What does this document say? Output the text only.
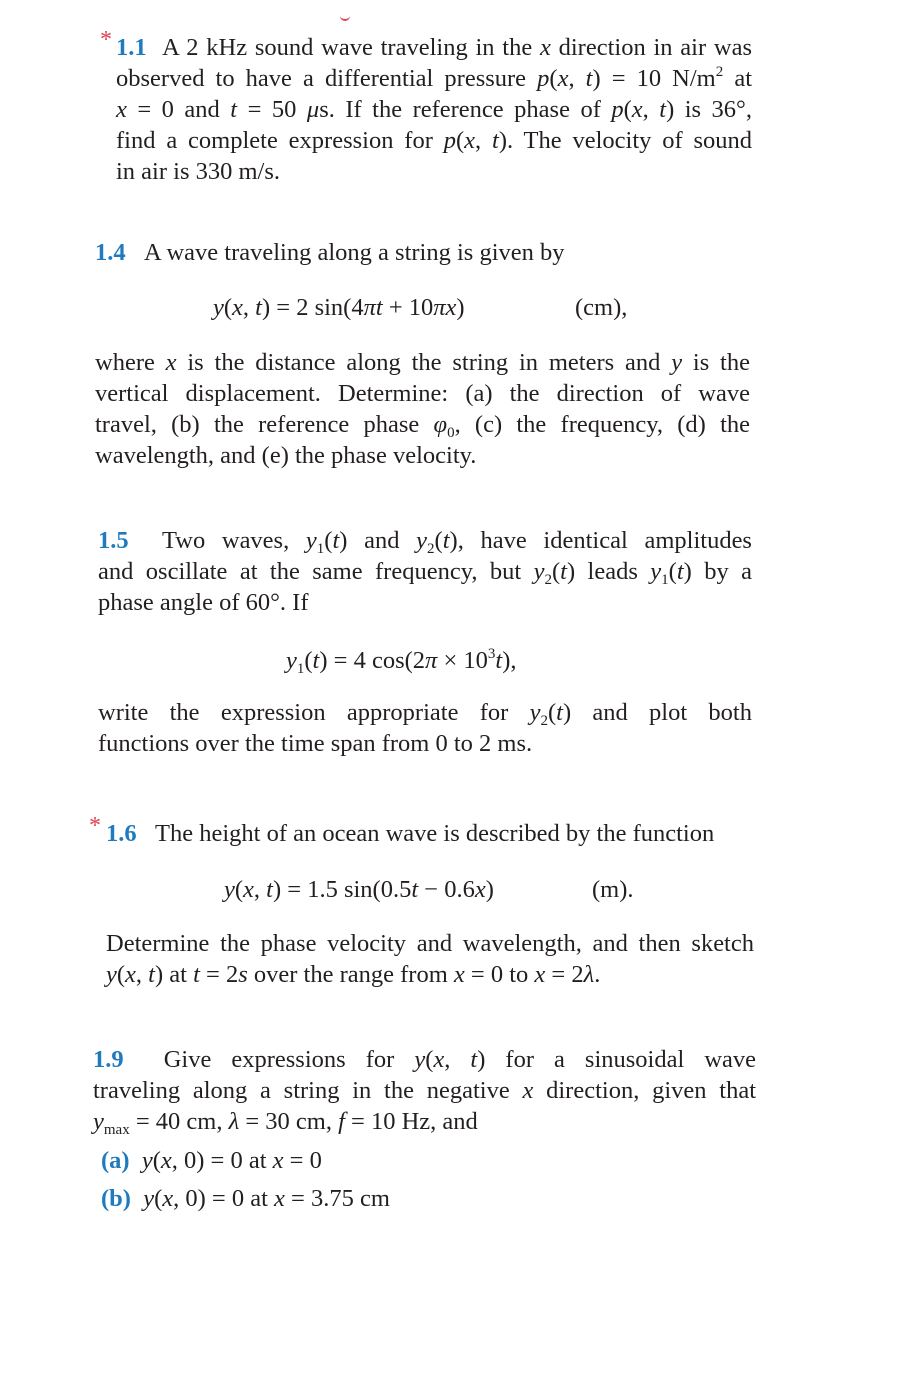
* 1.1  A 2 kHz sound wave traveling in the x direction in air was
observed to have a differential pressure p(x, t) = 10 $N/m^2$ at
x = 0 and t = 50 μs. If the reference phase of p(x, t) is 36°,
find a complete expression for p(x, t). The velocity of sound
in air is 330 m/s.
1.4 A wave traveling along a string is given by
y(x, t) = 2 sin(4πt + 10πx)	(cm),
where x is the distance along the string in meters and y is the
vertical displacement. Determine: (a) the direction of wave
travel, (b) the reference phase $\varphi_0$, (c) the frequency, (d) the
wavelength, and (e) the phase velocity.
1.5  Two waves, $y_1(t)$ and $y_2(t)$, have identical amplitudes
and oscillate at the same frequency, but $y_2(t)$ leads $y_1(t)$ by a
phase angle of 60°. If
$y_1(t) = 4$ $\cos(2\pi \times 10^3t)$,
write the expression appropriate for $y_2(t)$ and plot both
functions over the time span from 0 to 2 ms.
* 1.6 The height of an ocean wave is described by the function
y(x, t) = 1.5 sin(0.5t − 0.6x)	(m).
Determine the phase velocity and wavelength, and then sketch
y(x, t) at t = 2s over the range from x = 0 to x = 2λ.
1.9  Give expressions for y(x, t) for a sinusoidal wave
traveling along a string in the negative x direction, given that
$y_{max} = 40$ cm, λ = 30 cm, f = 10 Hz, and
(a) y(x, 0) = 0 at x = 0
(b) y(x, 0) = 0 at x = 3.75 cm
